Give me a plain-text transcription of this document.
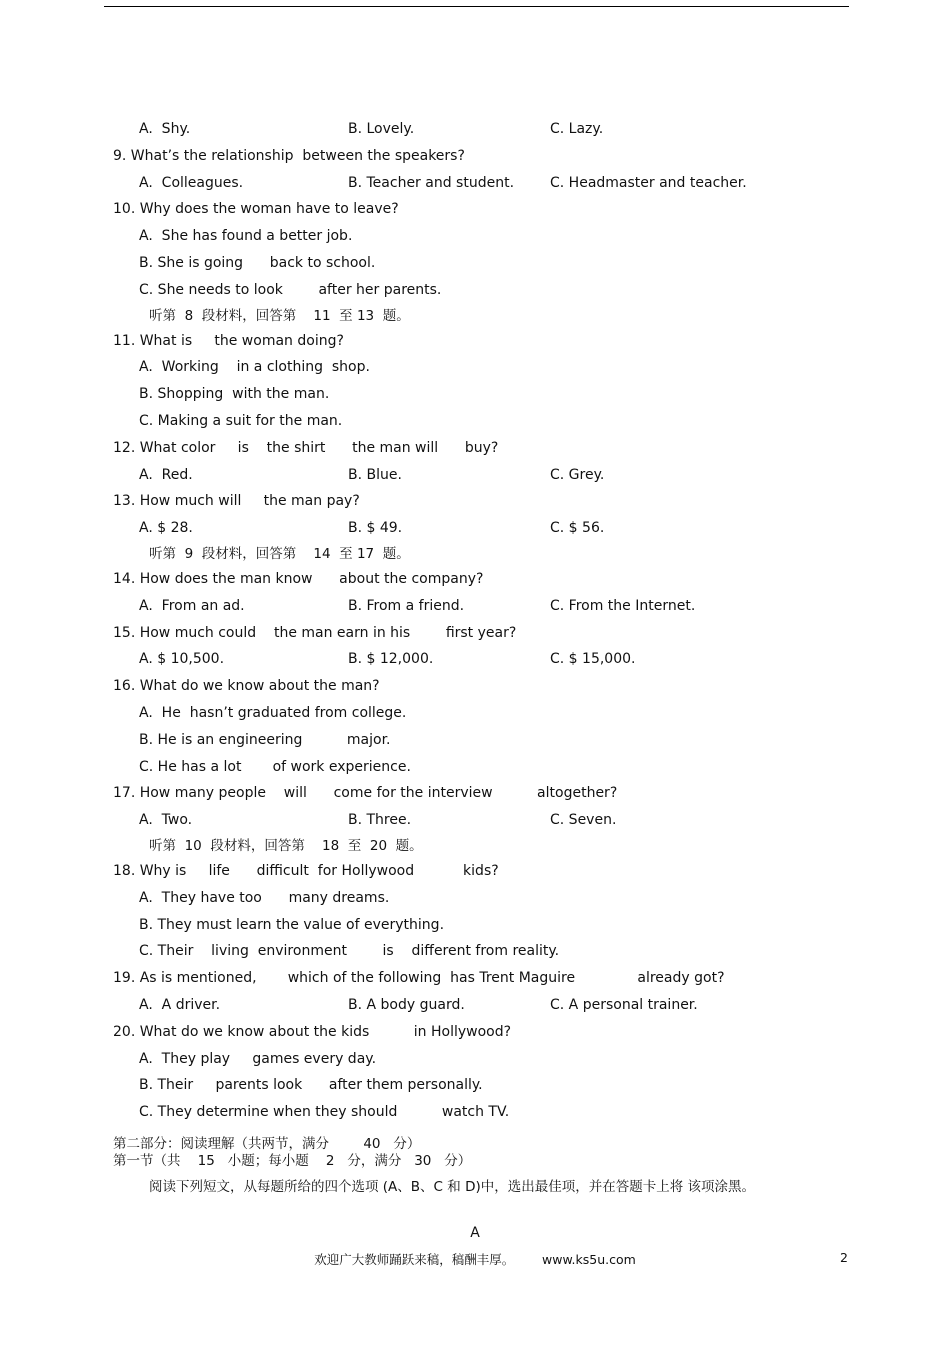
A.  Shy.

	B. Lovely.

	C. Lazy.

9. What’s the relationship  between the speakers?

A.  Colleagues.

	B. Teacher and student.

	C. Headmaster and teacher.

10. Why does the woman have to leave?
A.  She has found a better job.
B. She is going      back to school.
C. She needs to look        after her parents.
听第  8  段材料，回答第    11  至 13  题。
11. What is     the woman doing?
A.  Working    in a clothing  shop.
B. Shopping  with the man.
C. Making a suit for the man.
12. What color     is    the shirt      the man will      buy?

A.  Red.

	B. Blue.

	C. Grey.

13. How much will     the man pay?

A. $ 28.

	B. $ 49.

	C. $ 56.

听第  9  段材料，回答第    14  至 17  题。
14. How does the man know      about the company?

A.  From an ad.

	B. From a friend.

	C. From the Internet.

15. How much could    the man earn in his        first year?

A. $ 10,500.

	B. $ 12,000.

	C. $ 15,000.

16. What do we know about the man?
A.  He  hasn’t graduated from college.
B. He is an engineering          major.
C. He has a lot       of work experience.
17. How many people    will      come for the interview          altogether?

A.  Two.

	B. Three.

	C. Seven.

听第  10  段材料，回答第    18  至  20  题。
18. Why is     life      difficult  for Hollywood           kids?
A.  They have too      many dreams.
B. They must learn the value of everything.
C. Their    living  environment        is    different from reality.
19. As is mentioned,       which of the following  has Trent Maguire              already got?

A.  A driver.

	B. A body guard.

	C. A personal trainer.

20. What do we know about the kids          in Hollywood?
A.  They play     games every day.
B. Their     parents look      after them personally.
C. They determine when they should          watch TV.
第二部分：阅读理解（共两节，满分        40   分）
第一节（共    15   小题；每小题    2   分，满分   30   分）
阅读下列短文，从每题所给的四个选项 (A、B、C 和 D)中，选出最佳项，并在答题卡上将 该项涂黑。
A
欢迎广大教师踊跃来稿，稿酬丰厚。       www.ks5u.com	2
